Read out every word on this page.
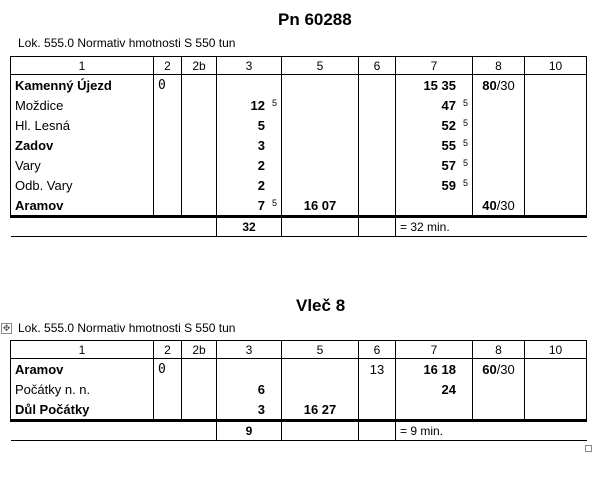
Pn 60288
Lok. 555.0 Normativ hmotnosti S 550 tun
1	2	2b	3	5	6	7	8	10
Kamenný Újezd	0					15 35	80/30	
Moždice			12 5			47 5		
Hl. Lesná			5			52 5		
Zadov			3			55 5		
Vary			2			57 5		
Odb. Vary			2			59 5		
Aramov			7 5	16 07			40/30	
			32			= 32 min.		
✥
Vleč 8
Lok. 555.0 Normativ hmotnosti S 550 tun
1	2	2b	3	5	6	7	8	10
Aramov	0				13	16 18	60/30	
Počátky n. n.			6			24		
Důl Počátky			3	16 27				
			9			= 9 min.		
